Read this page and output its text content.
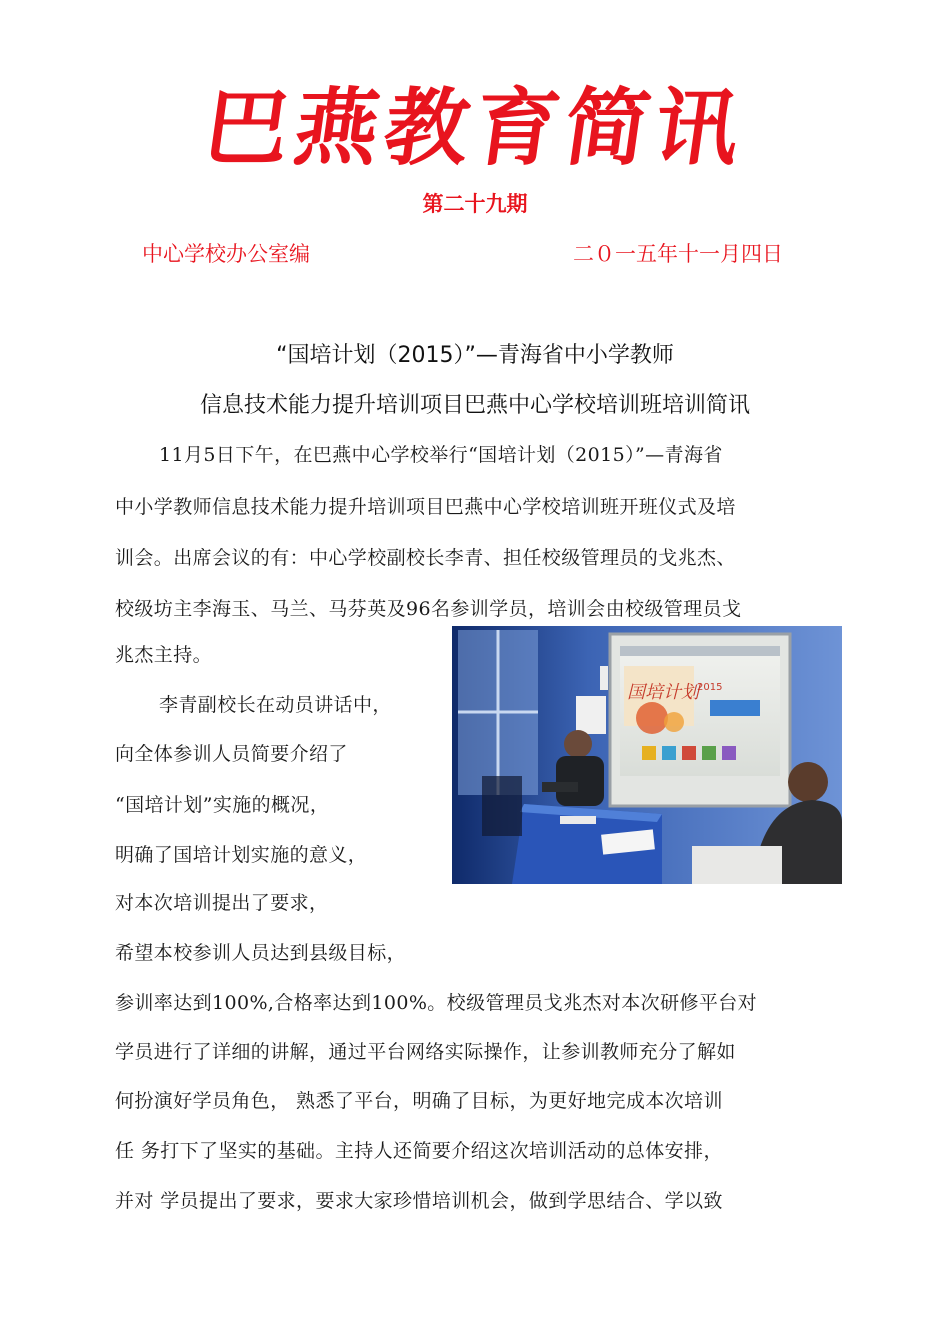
巴燕教育简讯
第二十九期
中心学校办公室编	二０一五年十一月四日
“国培计划（2015）”—青海省中小学教师
信息技术能力提升培训项目巴燕中心学校培训班培训简讯
11月5日下午，在巴燕中心学校举行“国培计划（2015）”—青海省
中小学教师信息技术能力提升培训项目巴燕中心学校培训班开班仪式及培
训会。出席会议的有：中心学校副校长李青、担任校级管理员的戈兆杰、
校级坊主李海玉、马兰、马芬英及96名参训学员，培训会由校级管理员戈
兆杰主持。
李青副校长在动员讲话中，
向全体参训人员简要介绍了
“国培计划”实施的概况，
明确了国培计划实施的意义，
对本次培训提出了要求，
希望本校参训人员达到县级目标，
参训率达到100%,合格率达到100%。校级管理员戈兆杰对本次研修平台对
学员进行了详细的讲解，通过平台网络实际操作，让参训教师充分了解如
何扮演好学员角色， 熟悉了平台，明确了目标，为更好地完成本次培训
任 务打下了坚实的基础。主持人还简要介绍这次培训活动的总体安排，
并对 学员提出了要求，要求大家珍惜培训机会，做到学思结合、学以致
国培计划
2015
